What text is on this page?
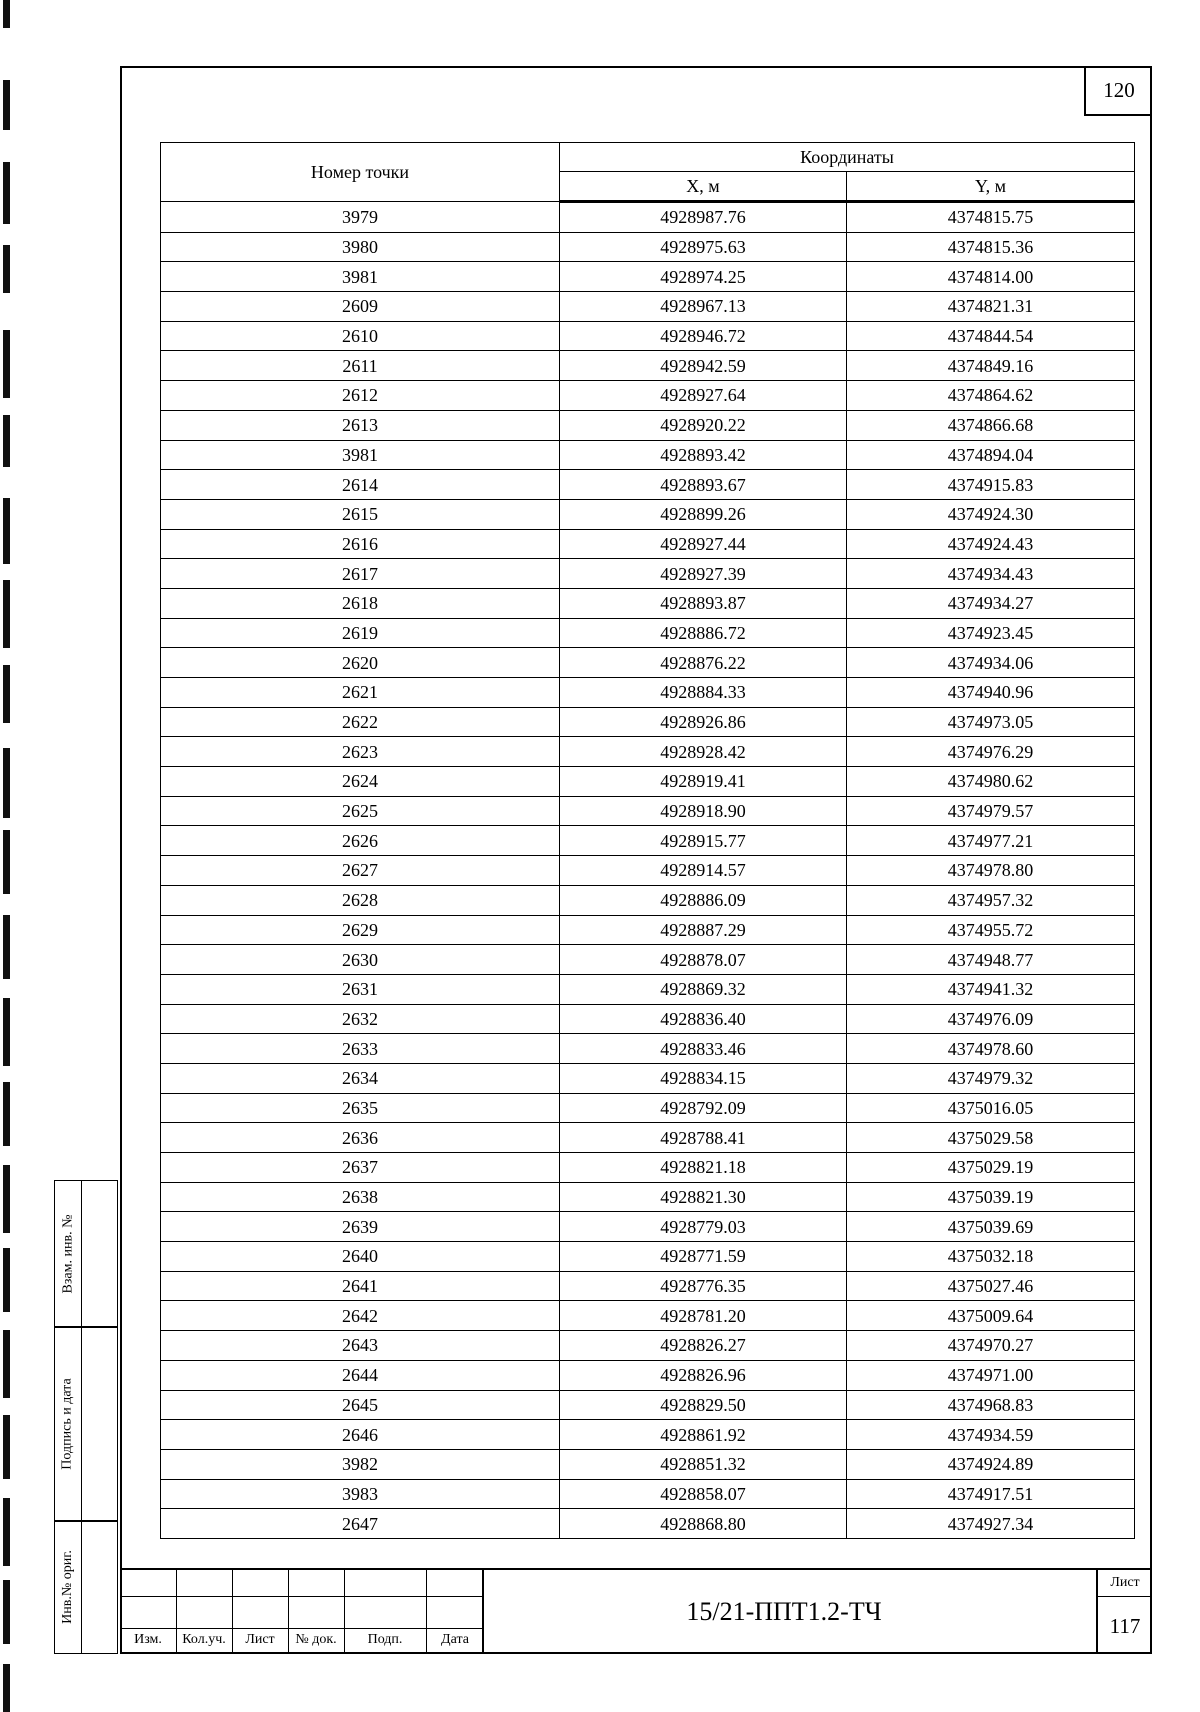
120
Номер точки	Координаты	
	X, м	Y, м
3979	4928987.76	4374815.75
3980	4928975.63	4374815.36
3981	4928974.25	4374814.00
2609	4928967.13	4374821.31
2610	4928946.72	4374844.54
2611	4928942.59	4374849.16
2612	4928927.64	4374864.62
2613	4928920.22	4374866.68
3981	4928893.42	4374894.04
2614	4928893.67	4374915.83
2615	4928899.26	4374924.30
2616	4928927.44	4374924.43
2617	4928927.39	4374934.43
2618	4928893.87	4374934.27
2619	4928886.72	4374923.45
2620	4928876.22	4374934.06
2621	4928884.33	4374940.96
2622	4928926.86	4374973.05
2623	4928928.42	4374976.29
2624	4928919.41	4374980.62
2625	4928918.90	4374979.57
2626	4928915.77	4374977.21
2627	4928914.57	4374978.80
2628	4928886.09	4374957.32
2629	4928887.29	4374955.72
2630	4928878.07	4374948.77
2631	4928869.32	4374941.32
2632	4928836.40	4374976.09
2633	4928833.46	4374978.60
2634	4928834.15	4374979.32
2635	4928792.09	4375016.05
2636	4928788.41	4375029.58
2637	4928821.18	4375029.19
2638	4928821.30	4375039.19
2639	4928779.03	4375039.69
2640	4928771.59	4375032.18
2641	4928776.35	4375027.46
2642	4928781.20	4375009.64
2643	4928826.27	4374970.27
2644	4928826.96	4374971.00
2645	4928829.50	4374968.83
2646	4928861.92	4374934.59
3982	4928851.32	4374924.89
3983	4928858.07	4374917.51
2647	4928868.80	4374927.34
Взам. инв. №
Подпись и дата
Инв.№ ориг.
Изм.	Кол.уч.	Лист	№ док.	Подп.	Дата
15/21-ППТ1.2-ТЧ
Лист
117
